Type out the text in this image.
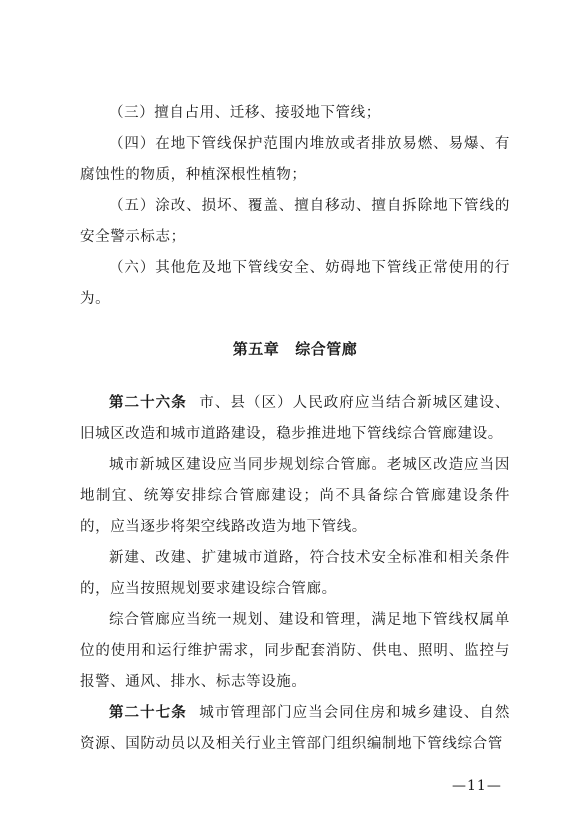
（三）擅自占用、迁移、接驳地下管线；

（四）在地下管线保护范围内堆放或者排放易燃、易爆、有腐蚀性的物质，种植深根性植物；

（五）涂改、损坏、覆盖、擅自移动、擅自拆除地下管线的安全警示标志；

（六）其他危及地下管线安全、妨碍地下管线正常使用的行为。

第五章 综合管廊

第二十六条 市、县（区）人民政府应当结合新城区建设、旧城区改造和城市道路建设，稳步推进地下管线综合管廊建设。

城市新城区建设应当同步规划综合管廊。老城区改造应当因地制宜、统筹安排综合管廊建设；尚不具备综合管廊建设条件的，应当逐步将架空线路改造为地下管线。

新建、改建、扩建城市道路，符合技术安全标准和相关条件的，应当按照规划要求建设综合管廊。

综合管廊应当统一规划、建设和管理，满足地下管线权属单位的使用和运行维护需求，同步配套消防、供电、照明、监控与报警、通风、排水、标志等设施。

第二十七条 城市管理部门应当会同住房和城乡建设、自然资源、国防动员以及相关行业主管部门组织编制地下管线综合管

—11—
